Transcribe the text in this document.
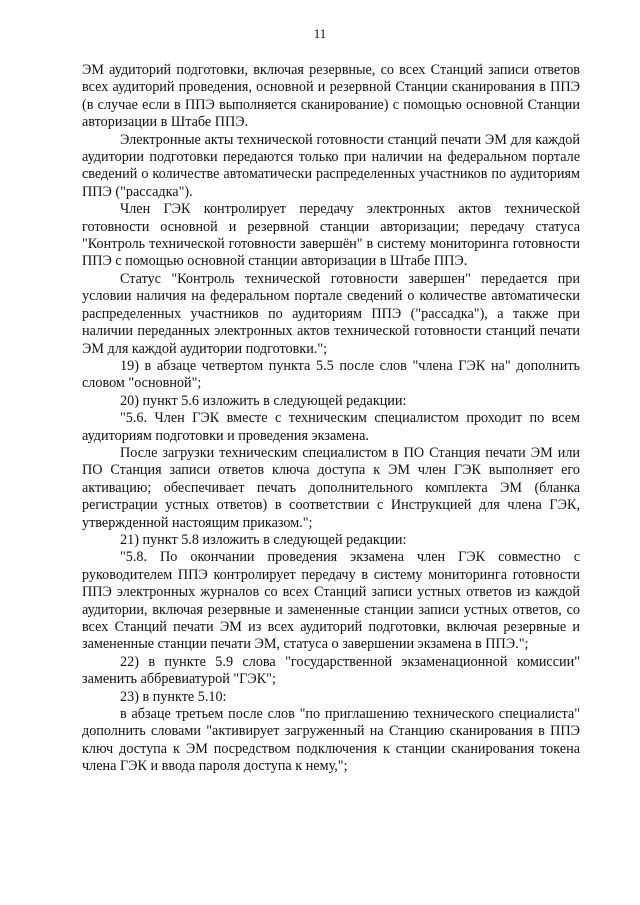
11

ЭМ аудиторий подготовки, включая резервные, со всех Станций записи ответов всех аудиторий проведения, основной и резервной Станции сканирования в ППЭ (в случае если в ППЭ выполняется сканирование) с помощью основной Станции авторизации в Штабе ППЭ.

Электронные акты технической готовности станций печати ЭМ для каждой аудитории подготовки передаются только при наличии на федеральном портале сведений о количестве автоматически распределенных участников по аудиториям ППЭ ("рассадка").

Член ГЭК контролирует передачу электронных актов технической готовности основной и резервной станции авторизации; передачу статуса "Контроль технической готовности завершён" в систему мониторинга готовности ППЭ с помощью основной станции авторизации в Штабе ППЭ.

Статус "Контроль технической готовности завершен" передается при условии наличия на федеральном портале сведений о количестве автоматически распределенных участников по аудиториям ППЭ ("рассадка"), а также при наличии переданных электронных актов технической готовности станций печати ЭМ для каждой аудитории подготовки.";

19) в абзаце четвертом пункта 5.5 после слов "члена ГЭК на" дополнить словом "основной";

20) пункт 5.6 изложить в следующей редакции:

"5.6. Член ГЭК вместе с техническим специалистом проходит по всем аудиториям подготовки и проведения экзамена.

После загрузки техническим специалистом в ПО Станция печати ЭМ или ПО Станция записи ответов ключа доступа к ЭМ член ГЭК выполняет его активацию; обеспечивает печать дополнительного комплекта ЭМ (бланка регистрации устных ответов) в соответствии с Инструкцией для члена ГЭК, утвержденной настоящим приказом.";

21) пункт 5.8 изложить в следующей редакции:

"5.8. По окончании проведения экзамена член ГЭК совместно с руководителем ППЭ контролирует передачу в систему мониторинга готовности ППЭ электронных журналов со всех Станций записи устных ответов из каждой аудитории, включая резервные и замененные станции записи устных ответов, со всех Станций печати ЭМ из всех аудиторий подготовки, включая резервные и замененные станции печати ЭМ, статуса о завершении экзамена в ППЭ.";

22) в пункте 5.9 слова "государственной экзаменационной комиссии" заменить аббревиатурой "ГЭК";

23) в пункте 5.10:

в абзаце третьем после слов "по приглашению технического специалиста" дополнить словами "активирует загруженный на Станцию сканирования в ППЭ ключ доступа к ЭМ посредством подключения к станции сканирования токена члена ГЭК и ввода пароля доступа к нему,";
